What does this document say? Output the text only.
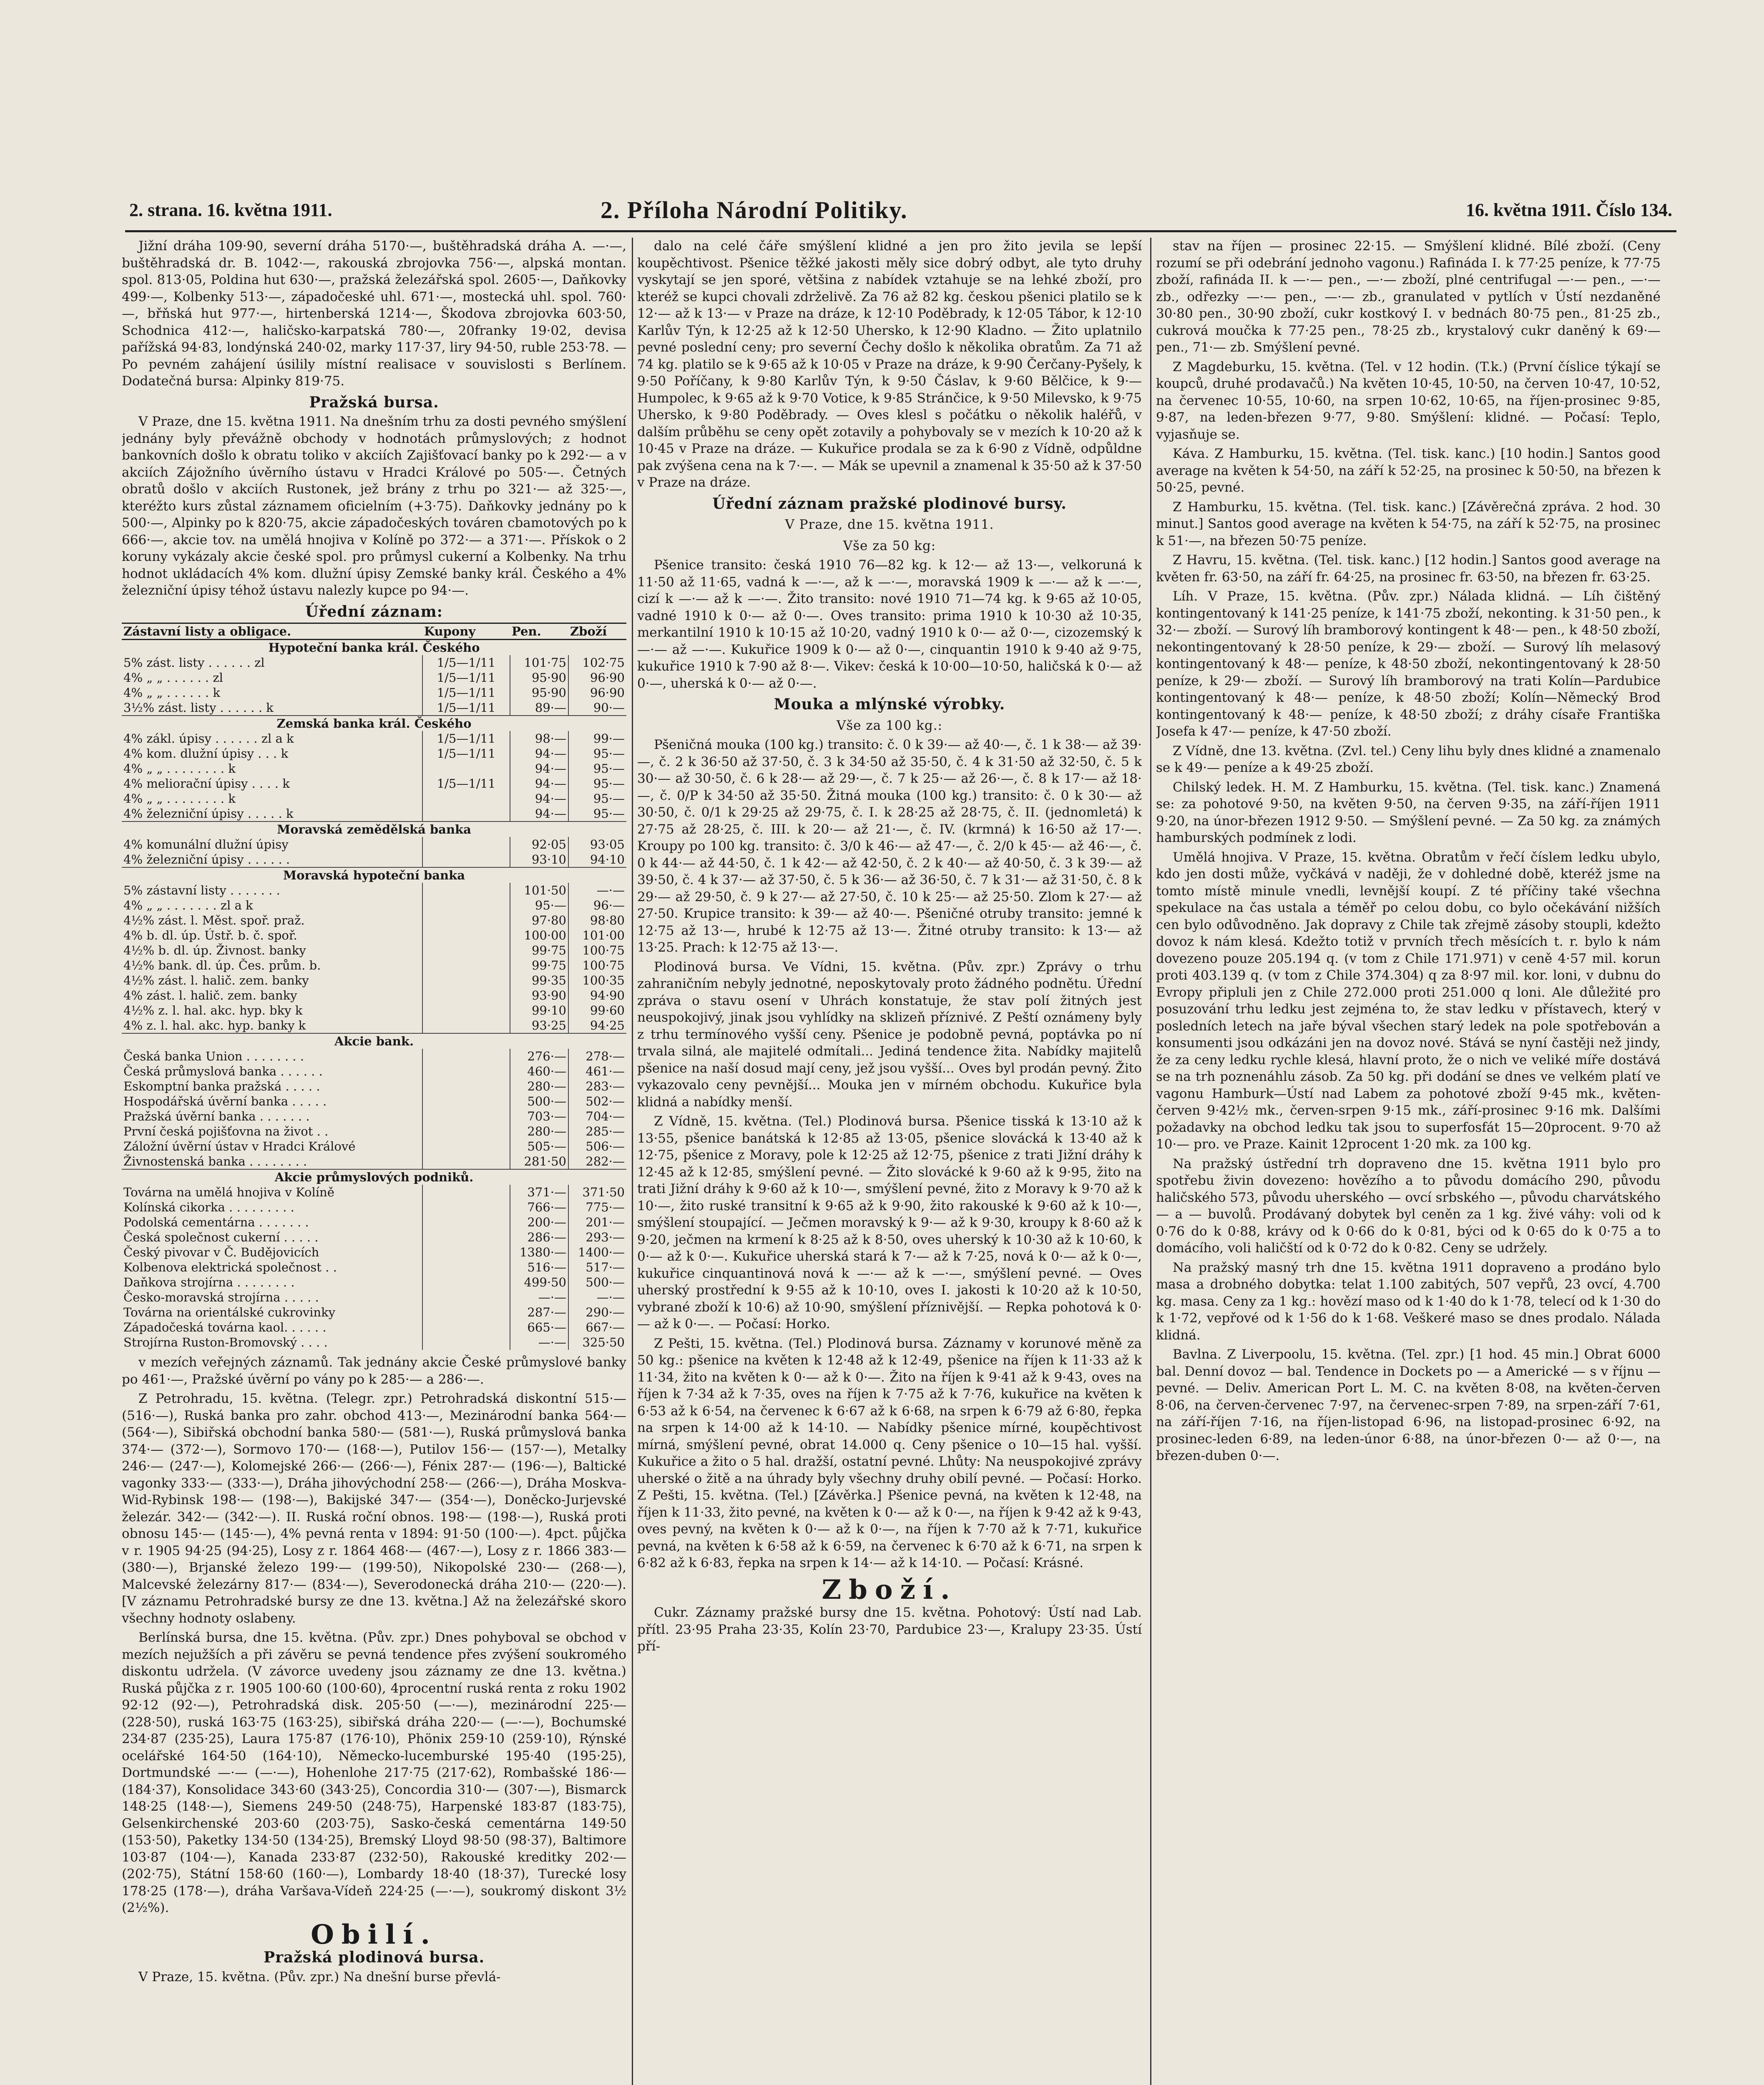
2. strana. 16. května 1911.	2. Příloha Národní Politiky.	16. května 1911. Číslo 134.

Jižní dráha 109·90, severní dráha 5170·—, buštěhradská dráha A. —·—, buštěhradská dr. B. 1042·—, rakouská zbrojovka 756·—, alpská montan. spol. 813·05, Poldina hut 630·—, pražská železářská spol. 2605·—, Daňkovky 499·—, Kolbenky 513·—, západočeské uhl. 671·—, mostecká uhl. spol. 760·—, břňská hut 977·—, hirtenberská 1214·—, Škodova zbrojovka 603·50, Schodnica 412·—, haličsko-karpatská 780·—, 20franky 19·02, devisa pařížská 94·83, londýnská 240·02, marky 117·37, liry 94·50, ruble 253·78. — Po pevném zahájení úsilily místní realisace v souvislosti s Berlínem. Dodatečná bursa: Alpinky 819·75.

Pražská bursa.

V Praze, dne 15. května 1911. Na dnešním trhu za dosti pevného smýšlení jednány byly převážně obchody v hodnotách průmyslových; z hodnot bankovních došlo k obratu toliko v akciích Zajišťovací banky po k 292·— a v akciích Zájožního úvěrního ústavu v Hradci Králové po 505·—. Četných obratů došlo v akciích Rustonek, jež brány z trhu po 321·— až 325·—, kteréžto kurs zůstal záznamem oficielním (+3·75). Daňkovky jednány po k 500·—, Alpinky po k 820·75, akcie západočeských továren cbamotových po k 666·—, akcie tov. na umělá hnojiva v Kolíně po 372·— a 371·—. Přískok o 2 koruny vykázaly akcie české spol. pro průmysl cukerní a Kolbenky. Na trhu hodnot ukládacích 4% kom. dlužní úpisy Zemské banky král. Českého a 4% železniční úpisy téhož ústavu nalezly kupce po 94·—.

Úřední záznam:
Zástavní listy a obligace.	Kupony	Pen.	Zboží
Hypoteční banka král. Českého			
5% zást. listy . . . . . . zl	1/5—1/11	101·75	102·75
4% „ „ . . . . . . zl	1/5—1/11	95·90	96·90
4% „ „ . . . . . . k	1/5—1/11	95·90	96·90
3½% zást. listy . . . . . . k	1/5—1/11	89·—	90·—
Zemská banka král. Českého			
4% zákl. úpisy . . . . . . zl a k	1/5—1/11	98·—	99·—
4% kom. dlužní úpisy . . . k	1/5—1/11	94·—	95·—
4% „ „ . . . . . . . . k		94·—	95·—
4% meliorační úpisy . . . . k	1/5—1/11	94·—	95·—
4% „ „ . . . . . . . . k		94·—	95·—
4% železniční úpisy . . . . . k		94·—	95·—
Moravská zemědělská banka			
4% komunální dlužní úpisy		92·05	93·05
4% železniční úpisy . . . . . .		93·10	94·10
Moravská hypoteční banka			
5% zástavní listy . . . . . . .		101·50	—·—
4% „ „ . . . . . . . zl a k		95·—	96·—
4½% zást. l. Měst. spoř. praž.		97·80	98·80
4% b. dl. úp. Ústř. b. č. spoř.		100·00	101·00
4½% b. dl. úp. Živnost. banky		99·75	100·75
4½% bank. dl. úp. Čes. prům. b.		99·75	100·75
4½% zást. l. halič. zem. banky		99·35	100·35
4% zást. l. halič. zem. banky		93·90	94·90
4½% z. l. hal. akc. hyp. bky k		99·10	99·60
4% z. l. hal. akc. hyp. banky k		93·25	94·25
Akcie bank.			
Česká banka Union . . . . . . . .		276·—	278·—
Česká průmyslová banka . . . . . .		460·—	461·—
Eskomptní banka pražská . . . . .		280·—	283·—
Hospodářská úvěrní banka . . . . .		500·—	502·—
Pražská úvěrní banka . . . . . . .		703·—	704·—
První česká pojišťovna na život . .		280·—	285·—
Záložní úvěrní ústav v Hradci Králové		505·—	506·—
Živnostenská banka . . . . . . . .		281·50	282·—
Akcie průmyslových podniků.			
Továrna na umělá hnojiva v Kolíně		371·—	371·50
Kolínská cikorka . . . . . . . . .		766·—	775·—
Podolská cementárna . . . . . . .		200·—	201·—
Česká společnost cukerní . . . . .		286·—	293·—
Český pivovar v Č. Budějovicích		1380·—	1400·—
Kolbenova elektrická společnost . .		516·—	517·—
Daňkova strojírna . . . . . . . .		499·50	500·—
Česko-moravská strojírna . . . . .		—·—	—·—
Továrna na orientálské cukrovinky		287·—	290·—
Západočeská továrna kaol. . . . . .		665·—	667·—
Strojírna Ruston-Bromovský . . . .		—·—	325·50

v mezích veřejných záznamů. Tak jednány akcie České průmyslové banky po 461·—, Pražské úvěrní po vány po k 285·— a 286·—.

Z Petrohradu, 15. května. (Telegr. zpr.) Petrohradská diskontní 515·— (516·—), Ruská banka pro zahr. obchod 413·—, Mezinárodní banka 564·— (564·—), Sibiřská obchodní banka 580·— (581·—), Ruská průmyslová banka 374·— (372·—), Sormovo 170·— (168·—), Putilov 156·— (157·—), Metalky 246·— (247·—), Kolomejské 266·— (266·—), Fénix 287·— (196·—), Baltické vagonky 333·— (333·—), Dráha jihovýchodní 258·— (266·—), Dráha Moskva-Wid-Rybinsk 198·— (198·—), Bakijské 347·— (354·—), Doněcko-Jurjevské železár. 342·— (342·—). II. Ruská roční obnos. 198·— (198·—), Ruská proti obnosu 145·— (145·—), 4% pevná renta v 1894: 91·50 (100·—). 4pct. půjčka v r. 1905 94·25 (94·25), Losy z r. 1864 468·— (467·—), Losy z r. 1866 383·— (380·—), Brjanské železo 199·— (199·50), Nikopolské 230·— (268·—), Malcevské železárny 817·— (834·—), Severodonecká dráha 210·— (220·—). [V záznamu Petrohradské bursy ze dne 13. května.] Až na železářské skoro všechny hodnoty oslabeny.

Berlínská bursa, dne 15. května. (Pův. zpr.) Dnes pohyboval se obchod v mezích nejužších a při závěru se pevná tendence přes zvýšení soukromého diskontu udržela. (V závorce uvedeny jsou záznamy ze dne 13. května.) Ruská půjčka z r. 1905 100·60 (100·60), 4procentní ruská renta z roku 1902 92·12 (92·—), Petrohradská disk. 205·50 (—·—), mezinárodní 225·— (228·50), ruská 163·75 (163·25), sibiřská dráha 220·— (—·—), Bochumské 234·87 (235·25), Laura 175·87 (176·10), Phönix 259·10 (259·10), Rýnské ocelářské 164·50 (164·10), Německo-lucemburské 195·40 (195·25), Dortmundské —·— (—·—), Hohenlohe 217·75 (217·62), Rombašské 186·— (184·37), Konsolidace 343·60 (343·25), Concordia 310·— (307·—), Bismarck 148·25 (148·—), Siemens 249·50 (248·75), Harpenské 183·87 (183·75), Gelsenkirchenské 203·60 (203·75), Sasko-česká cementárna 149·50 (153·50), Paketky 134·50 (134·25), Bremský Lloyd 98·50 (98·37), Baltimore 103·87 (104·—), Kanada 233·87 (232·50), Rakouské kreditky 202·— (202·75), Státní 158·60 (160·—), Lombardy 18·40 (18·37), Turecké losy 178·25 (178·—), dráha Varšava-Vídeň 224·25 (—·—), soukromý diskont 3½ (2½%).

Obilí.
Pražská plodinová bursa.

V Praze, 15. května. (Pův. zpr.) Na dnešní burse převlá-

dalo na celé čáře smýšlení klidné a jen pro žito jevila se lepší koupěchtivost. Pšenice těžké jakosti měly sice dobrý odbyt, ale tyto druhy vyskytají se jen sporé, většina z nabídek vztahuje se na lehké zboží, pro kteréž se kupci chovali zdrželivě. Za 76 až 82 kg. českou pšenici platilo se k 12·— až k 13·— v Praze na dráze, k 12·10 Poděbrady, k 12·05 Tábor, k 12·10 Karlův Týn, k 12·25 až k 12·50 Uhersko, k 12·90 Kladno. — Žito uplatnilo pevné poslední ceny; pro severní Čechy došlo k několika obratům. Za 71 až 74 kg. platilo se k 9·65 až k 10·05 v Praze na dráze, k 9·90 Čerčany-Pyšely, k 9·50 Poříčany, k 9·80 Karlův Týn, k 9·50 Čáslav, k 9·60 Bělčice, k 9·— Humpolec, k 9·65 až k 9·70 Votice, k 9·85 Stránčice, k 9·50 Milevsko, k 9·75 Uhersko, k 9·80 Poděbrady. — Oves klesl s počátku o několik haléřů, v dalším průběhu se ceny opět zotavily a pohybovaly se v mezích k 10·20 až k 10·45 v Praze na dráze. — Kukuřice prodala se za k 6·90 z Vídně, odpůldne pak zvýšena cena na k 7·—. — Mák se upevnil a znamenal k 35·50 až k 37·50 v Praze na dráze.

Úřední záznam pražské plodinové bursy.
V Praze, dne 15. května 1911.
Vše za 50 kg:

Pšenice transito: česká 1910 76—82 kg. k 12·— až 13·—, velkoruná k 11·50 až 11·65, vadná k —·—, až k —·—, moravská 1909 k —·— až k —·—, cizí k —·— až k —·—. Žito transito: nové 1910 71—74 kg. k 9·65 až 10·05, vadné 1910 k 0·— až 0·—. Oves transito: prima 1910 k 10·30 až 10·35, merkantilní 1910 k 10·15 až 10·20, vadný 1910 k 0·— až 0·—, cizozemský k —·— až —·—. Kukuřice 1909 k 0·— až 0·—, cinquantin 1910 k 9·40 až 9·75, kukuřice 1910 k 7·90 až 8·—. Vikev: česká k 10·00—10·50, haličská k 0·— až 0·—, uherská k 0·— až 0·—.

Mouka a mlýnské výrobky.
Vše za 100 kg.:

Pšeničná mouka (100 kg.) transito: č. 0 k 39·— až 40·—, č. 1 k 38·— až 39·—, č. 2 k 36·50 až 37·50, č. 3 k 34·50 až 35·50, č. 4 k 31·50 až 32·50, č. 5 k 30·— až 30·50, č. 6 k 28·— až 29·—, č. 7 k 25·— až 26·—, č. 8 k 17·— až 18·—, č. 0/P k 34·50 až 35·50. Žitná mouka (100 kg.) transito: č. 0 k 30·— až 30·50, č. 0/1 k 29·25 až 29·75, č. I. k 28·25 až 28·75, č. II. (jednomletá) k 27·75 až 28·25, č. III. k 20·— až 21·—, č. IV. (krmná) k 16·50 až 17·—. Kroupy po 100 kg. transito: č. 3/0 k 46·— až 47·—, č. 2/0 k 45·— až 46·—, č. 0 k 44·— až 44·50, č. 1 k 42·— až 42·50, č. 2 k 40·— až 40·50, č. 3 k 39·— až 39·50, č. 4 k 37·— až 37·50, č. 5 k 36·— až 36·50, č. 7 k 31·— až 31·50, č. 8 k 29·— až 29·50, č. 9 k 27·— až 27·50, č. 10 k 25·— až 25·50. Zlom k 27·— až 27·50. Krupice transito: k 39·— až 40·—. Pšeničné otruby transito: jemné k 12·75 až 13·—, hrubé k 12·75 až 13·—. Žitné otruby transito: k 13·— až 13·25. Prach: k 12·75 až 13·—.

Plodinová bursa. Ve Vídni, 15. května. (Pův. zpr.) Zprávy o trhu zahraničním nebyly jednotné, neposkytovaly proto žádného podnětu. Úřední zpráva o stavu osení v Uhrách konstatuje, že stav polí žitných jest neuspokojivý, jinak jsou vyhlídky na sklizeň příznivé. Z Peští oznámeny byly z trhu termínového vyšší ceny. Pšenice je podobně pevná, poptávka po ní trvala silná, ale majitelé odmítali... Jediná tendence žita. Nabídky majitelů pšenice na naší dosud mají ceny, jež jsou vyšší... Oves byl prodán pevný. Žito vykazovalo ceny pevnější... Mouka jen v mírném obchodu. Kukuřice byla klidná a nabídky menší.

Z Vídně, 15. května. (Tel.) Plodinová bursa. Pšenice tisská k 13·10 až k 13·55, pšenice banátská k 12·85 až 13·05, pšenice slovácká k 13·40 až k 12·75, pšenice z Moravy, pole k 12·25 až 12·75, pšenice z trati Jižní dráhy k 12·45 až k 12·85, smýšlení pevné. — Žito slovácké k 9·60 až k 9·95, žito na trati Jižní dráhy k 9·60 až k 10·—, smýšlení pevné, žito z Moravy k 9·70 až k 10·—, žito ruské transitní k 9·65 až k 9·90, žito rakouské k 9·60 až k 10·—, smýšlení stoupající. — Ječmen moravský k 9·— až k 9·30, kroupy k 8·60 až k 9·20, ječmen na krmení k 8·25 až k 8·50, oves uherský k 10·30 až k 10·60, k 0·— až k 0·—. Kukuřice uherská stará k 7·— až k 7·25, nová k 0·— až k 0·—, kukuřice cinquantinová nová k —·— až k —·—, smýšlení pevné. — Oves uherský prostřední k 9·55 až k 10·10, oves I. jakosti k 10·20 až k 10·50, vybrané zboží k 10·6) až 10·90, smýšlení příznivější. — Repka pohotová k 0·— až k 0·—. — Počasí: Horko.

Z Pešti, 15. května. (Tel.) Plodinová bursa. Záznamy v korunové měně za 50 kg.: pšenice na květen k 12·48 až k 12·49, pšenice na říjen k 11·33 až k 11·34, žito na květen k 0·— až k 0·—. Žito na říjen k 9·41 až k 9·43, oves na říjen k 7·34 až k 7·35, oves na říjen k 7·75 až k 7·76, kukuřice na květen k 6·53 až k 6·54, na červenec k 6·67 až k 6·68, na srpen k 6·79 až 6·80, řepka na srpen k 14·00 až k 14·10. — Nabídky pšenice mírné, koupěchtivost mírná, smýšlení pevné, obrat 14.000 q. Ceny pšenice o 10—15 hal. vyšší. Kukuřice a žito o 5 hal. dražší, ostatní pevné. Lhůty: Na neuspokojivé zprávy uherské o žitě a na úhrady byly všechny druhy obilí pevné. — Počasí: Horko. Z Pešti, 15. května. (Tel.) [Závěrka.] Pšenice pevná, na květen k 12·48, na říjen k 11·33, žito pevné, na květen k 0·— až k 0·—, na říjen k 9·42 až k 9·43, oves pevný, na květen k 0·— až k 0·—, na říjen k 7·70 až k 7·71, kukuřice pevná, na květen k 6·58 až k 6·59, na červenec k 6·70 až k 6·71, na srpen k 6·82 až k 6·83, řepka na srpen k 14·— až k 14·10. — Počasí: Krásné.

Zboží.

Cukr. Záznamy pražské bursy dne 15. května. Pohotový: Ústí nad Lab. přítl. 23·95 Praha 23·35, Kolín 23·70, Pardubice 23·—, Kralupy 23·35. Ústí pří-

stav na říjen — prosinec 22·15. — Smýšlení klidné. Bílé zboží. (Ceny rozumí se při odebrání jednoho vagonu.) Rafináda I. k 77·25 peníze, k 77·75 zboží, rafináda II. k —·— pen., —·— zboží, plné centrifugal —·— pen., —·— zb., odřezky —·— pen., —·— zb., granulated v pytlích v Ústí nezdaněné 30·80 pen., 30·90 zboží, cukr kostkový I. v bednách 80·75 pen., 81·25 zb., cukrová moučka k 77·25 pen., 78·25 zb., krystalový cukr daněný k 69·— pen., 71·— zb. Smýšlení pevné.

Z Magdeburku, 15. května. (Tel. v 12 hodin. (T.k.) (První číslice týkají se koupců, druhé prodavačů.) Na květen 10·45, 10·50, na červen 10·47, 10·52, na červenec 10·55, 10·60, na srpen 10·62, 10·65, na říjen-prosinec 9·85, 9·87, na leden-březen 9·77, 9·80. Smýšlení: klidné. — Počasí: Teplo, vyjasňuje se.

Káva. Z Hamburku, 15. května. (Tel. tisk. kanc.) [10 hodin.] Santos good average na květen k 54·50, na září k 52·25, na prosinec k 50·50, na březen k 50·25, pevné.

Z Hamburku, 15. května. (Tel. tisk. kanc.) [Závěrečná zpráva. 2 hod. 30 minut.] Santos good average na květen k 54·75, na září k 52·75, na prosinec k 51·—, na březen 50·75 peníze.

Z Havru, 15. května. (Tel. tisk. kanc.) [12 hodin.] Santos good average na květen fr. 63·50, na září fr. 64·25, na prosinec fr. 63·50, na březen fr. 63·25.

Líh. V Praze, 15. května. (Pův. zpr.) Nálada klidná. — Líh čištěný kontingentovaný k 141·25 peníze, k 141·75 zboží, nekonting. k 31·50 pen., k 32·— zboží. — Surový líh bramborový kontingent k 48·— pen., k 48·50 zboží, nekontingentovaný k 28·50 peníze, k 29·— zboží. — Surový líh melasový kontingentovaný k 48·— peníze, k 48·50 zboží, nekontingentovaný k 28·50 peníze, k 29·— zboží. — Surový líh bramborový na trati Kolín—Pardubice kontingentovaný k 48·— peníze, k 48·50 zboží; Kolín—Německý Brod kontingentovaný k 48·— peníze, k 48·50 zboží; z dráhy císaře Františka Josefa k 47·— peníze, k 47·50 zboží.

Z Vídně, dne 13. května. (Zvl. tel.) Ceny lihu byly dnes klidné a znamenalo se k 49·— peníze a k 49·25 zboží.

Chilský ledek. H. M. Z Hamburku, 15. května. (Tel. tisk. kanc.) Znamená se: za pohotové 9·50, na květen 9·50, na červen 9·35, na září-říjen 1911 9·20, na únor-březen 1912 9·50. — Smýšlení pevné. — Za 50 kg. za známých hamburských podmínek z lodi.

Umělá hnojiva. V Praze, 15. května. Obratům v řečí číslem ledku ubylo, kdo jen dosti může, vyčkává v naději, že v dohledné době, kteréž jsme na tomto místě minule vnedli, levnější koupí. Z té příčiny také všechna spekulace na čas ustala a téměř po celou dobu, co bylo očekávání nižších cen bylo odůvodněno. Jak dopravy z Chile tak zřejmě zásoby stoupli, kdežto dovoz k nám klesá. Kdežto totiž v prvních třech měsících t. r. bylo k nám dovezeno pouze 205.194 q. (v tom z Chile 171.971) v ceně 4·57 mil. korun proti 403.139 q. (v tom z Chile 374.304) q za 8·97 mil. kor. loni, v dubnu do Evropy připluli jen z Chile 272.000 proti 251.000 q loni. Ale důležité pro posuzování trhu ledku jest zejména to, že stav ledku v přístavech, který v posledních letech na jaře býval všechen starý ledek na pole spotřebován a konsumenti jsou odkázáni jen na dovoz nové. Stává se nyní častěji než jindy, že za ceny ledku rychle klesá, hlavní proto, že o nich ve veliké míře dostává se na trh poznenáhlu zásob. Za 50 kg. při dodání se dnes ve velkém platí ve vagonu Hamburk—Ústí nad Labem za pohotové zboží 9·45 mk., květen-červen 9·42½ mk., červen-srpen 9·15 mk., září-prosinec 9·16 mk. Dalšími požadavky na obchod ledku tak jsou to superfosfát 15—20procent. 9·70 až 10·— pro. ve Praze. Kainit 12procent 1·20 mk. za 100 kg.

Na pražský ústřední trh dopraveno dne 15. května 1911 bylo pro spotřebu živin dovezeno: hovězího a to původu domácího 290, původu haličského 573, původu uherského — ovcí srbského —, původu charvátského — a — buvolů. Prodávaný dobytek byl ceněn za 1 kg. živé váhy: voli od k 0·76 do k 0·88, krávy od k 0·66 do k 0·81, býci od k 0·65 do k 0·75 a to domácího, voli haličští od k 0·72 do k 0·82. Ceny se udržely.

Na pražský masný trh dne 15. května 1911 dopraveno a prodáno bylo masa a drobného dobytka: telat 1.100 zabitých, 507 vepřů, 23 ovcí, 4.700 kg. masa. Ceny za 1 kg.: hovězí maso od k 1·40 do k 1·78, telecí od k 1·30 do k 1·72, vepřové od k 1·56 do k 1·68. Veškeré maso se dnes prodalo. Nálada klidná.

Bavlna. Z Liverpoolu, 15. května. (Tel. zpr.) [1 hod. 45 min.] Obrat 6000 bal. Denní dovoz — bal. Tendence in Dockets po — a Americké — s v říjnu — pevné. — Deliv. American Port L. M. C. na květen 8·08, na květen-červen 8·06, na červen-červenec 7·97, na červenec-srpen 7·89, na srpen-září 7·61, na září-říjen 7·16, na říjen-listopad 6·96, na listopad-prosinec 6·92, na prosinec-leden 6·89, na leden-únor 6·88, na únor-březen 0·— až 0·—, na březen-duben 0·—.
